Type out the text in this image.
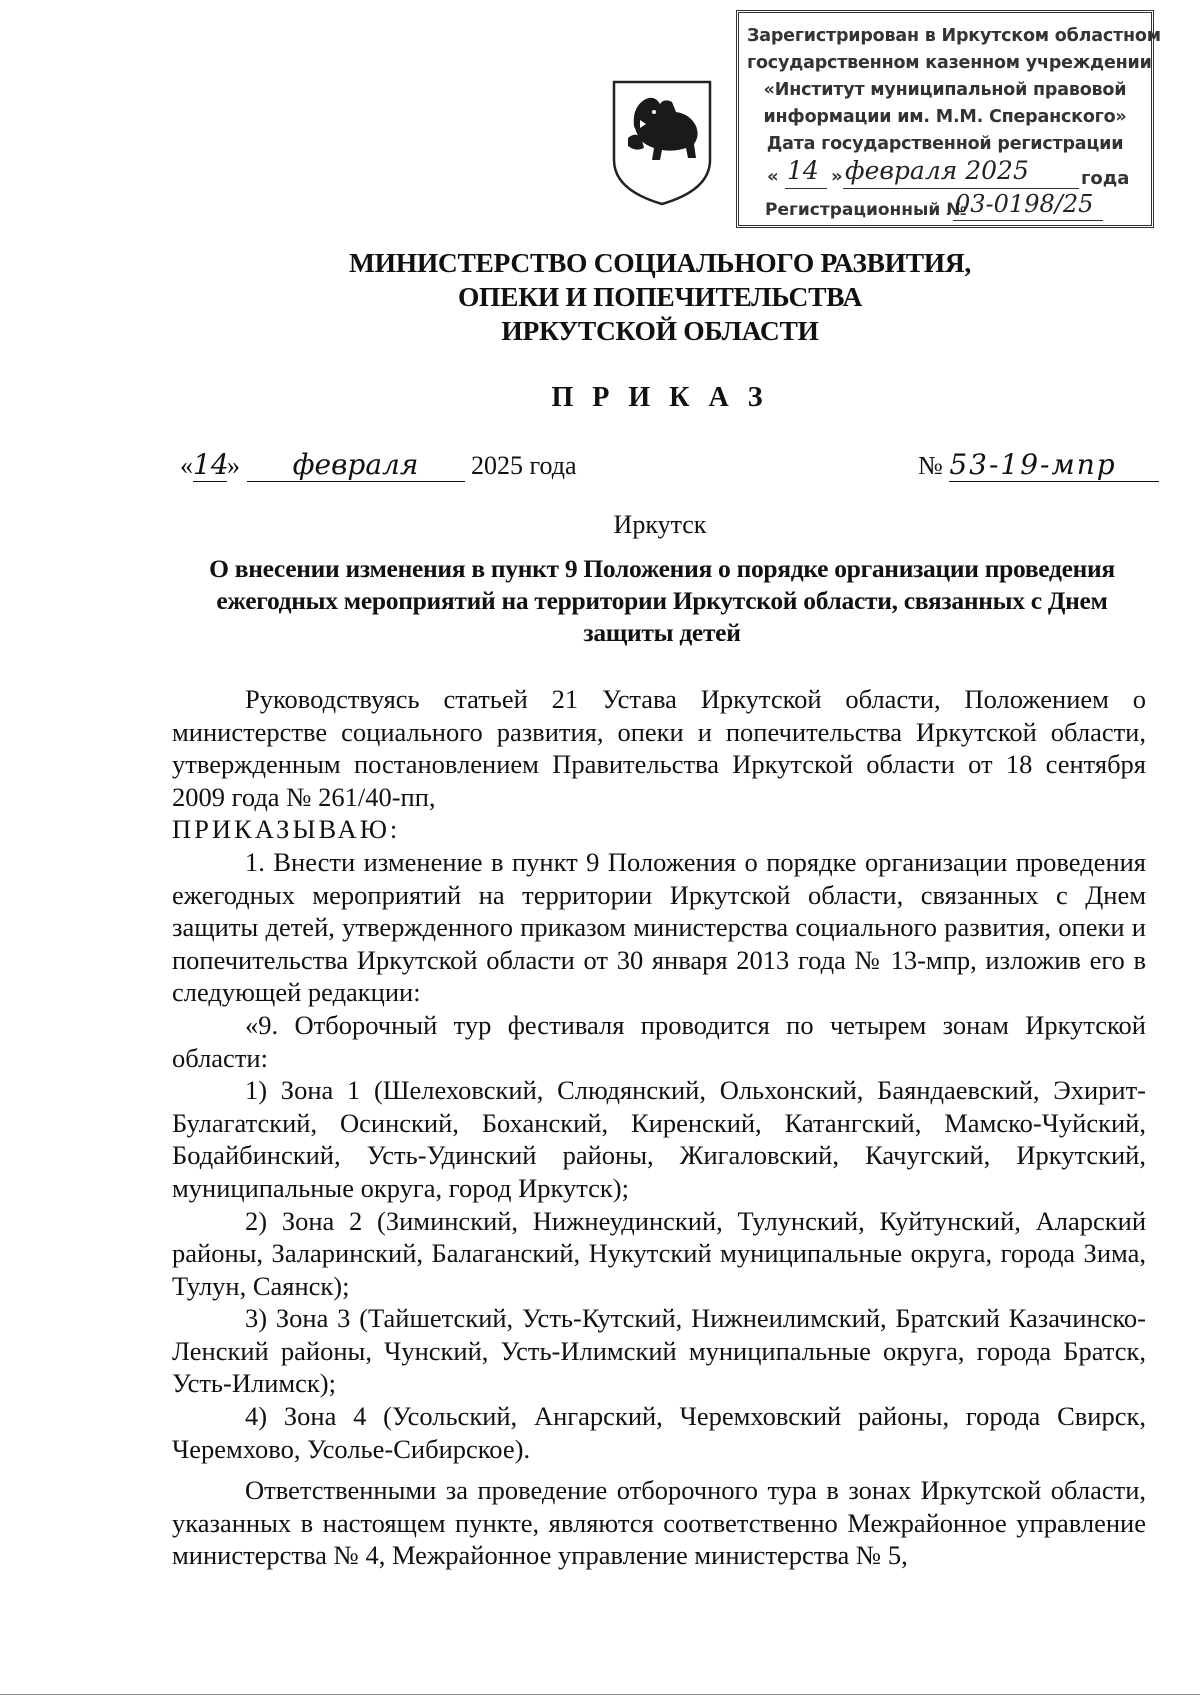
Зарегистрирован в Иркутском областном
государственном казенном учреждении
«Институт муниципальной правовой
информации им. М.М. Сперанского»
Дата государственной регистрации
« 14 » февраля 2025	года
Регистрационный №
03-0198/25
МИНИСТЕРСТВО СОЦИАЛЬНОГО РАЗВИТИЯ,
ОПЕКИ И ПОПЕЧИТЕЛЬСТВА
ИРКУТСКОЙ ОБЛАСТИ
П Р И К А З
«14» февраля 2025 года	№ 53-19-мпр
Иркутск
О внесении изменения в пункт 9 Положения о порядке организации проведения ежегодных мероприятий на территории Иркутской области, связанных с Днем защиты детей

Руководствуясь статьей 21 Устава Иркутской области, Положением о министерстве социального развития, опеки и попечительства Иркутской области, утвержденным постановлением Правительства Иркутской области от 18 сентября 2009 года № 261/40-пп,

ПРИКАЗЫВАЮ:

1. Внести изменение в пункт 9 Положения о порядке организации проведения ежегодных мероприятий на территории Иркутской области, связанных с Днем защиты детей, утвержденного приказом министерства социального развития, опеки и попечительства Иркутской области от 30 января 2013 года № 13-мпр, изложив его в следующей редакции:

«9. Отборочный тур фестиваля проводится по четырем зонам Иркутской области:

1) Зона 1 (Шелеховский, Слюдянский, Ольхонский, Баяндаевский, Эхирит-Булагатский, Осинский, Боханский, Киренский, Катангский, Мамско-Чуйский, Бодайбинский, Усть-Удинский районы, Жигаловский, Качугский, Иркутский, муниципальные округа, город Иркутск);

2) Зона 2 (Зиминский, Нижнеудинский, Тулунский, Куйтунский, Аларский районы, Заларинский, Балаганский, Нукутский муниципальные округа, города Зима, Тулун, Саянск);

3) Зона 3 (Тайшетский, Усть-Кутский, Нижнеилимский, Братский Казачинско-Ленский районы, Чунский, Усть-Илимский муниципальные округа, города Братск, Усть-Илимск);

4) Зона 4 (Усольский, Ангарский, Черемховский районы, города Свирск, Черемхово, Усолье-Сибирское).

Ответственными за проведение отборочного тура в зонах Иркутской области, указанных в настоящем пункте, являются соответственно Межрайонное управление министерства № 4, Межрайонное управление министерства № 5,
